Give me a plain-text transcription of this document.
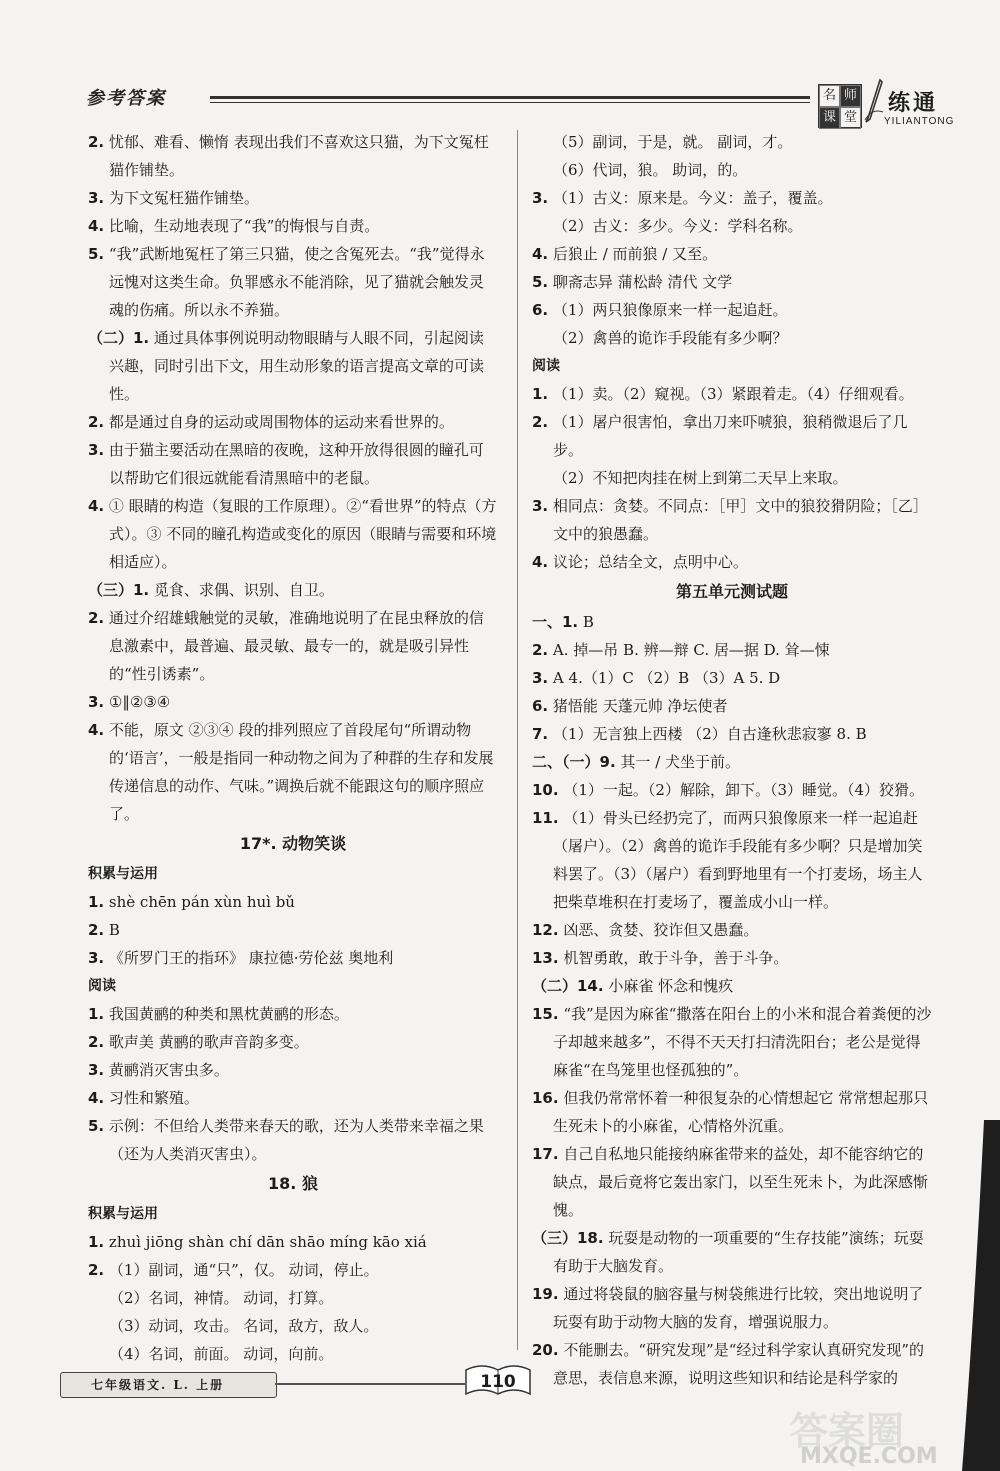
参考答案	名 师
课 堂
练通
YILIANTONG

2. 忧郁、难看、懒惰 表现出我们不喜欢这只猫，为下文冤枉猫作铺垫。

3. 为下文冤枉猫作铺垫。

4. 比喻，生动地表现了“我”的悔恨与自责。

5. “我”武断地冤枉了第三只猫，使之含冤死去。“我”觉得永远愧对这类生命。负罪感永不能消除，见了猫就会触发灵魂的伤痛。所以永不养猫。

（二）1. 通过具体事例说明动物眼睛与人眼不同，引起阅读兴趣，同时引出下文，用生动形象的语言提高文章的可读性。

2. 都是通过自身的运动或周围物体的运动来看世界的。

3. 由于猫主要活动在黑暗的夜晚，这种开放得很圆的瞳孔可以帮助它们很远就能看清黑暗中的老鼠。

4. ① 眼睛的构造（复眼的工作原理）。②“看世界”的特点（方式）。③ 不同的瞳孔构造或变化的原因（眼睛与需要和环境相适应）。

（三）1. 觅食、求偶、识别、自卫。

2. 通过介绍雄蛾触觉的灵敏，准确地说明了在昆虫释放的信息激素中，最普遍、最灵敏、最专一的，就是吸引异性的“性引诱素”。

3. ①‖②③④

4. 不能，原文 ②③④ 段的排列照应了首段尾句“所谓动物的‘语言’，一般是指同一种动物之间为了种群的生存和发展传递信息的动作、气味。”调换后就不能跟这句的顺序照应了。

17*. 动物笑谈

积累与运用

1. shè chēn pán xùn huì bǔ

2. B

3. 《所罗门王的指环》 康拉德·劳伦兹 奥地利

阅读

1. 我国黄鹂的种类和黑枕黄鹂的形态。

2. 歌声美 黄鹂的歌声音韵多变。

3. 黄鹂消灭害虫多。

4. 习性和繁殖。

5. 示例：不但给人类带来春天的歌，还为人类带来幸福之果（还为人类消灭害虫）。

18. 狼

积累与运用

1. zhuì jiōng shàn chí dān shāo míng kāo xiá

2. （1）副词，通“只”，仅。 动词，停止。

（2）名词，神情。 动词，打算。

（3）动词，攻击。 名词，敌方，敌人。

（4）名词，前面。 动词，向前。

（5）副词，于是，就。 副词，才。

（6）代词，狼。 助词，的。

3. （1）古义：原来是。今义：盖子，覆盖。

（2）古义：多少。今义：学科名称。

4. 后狼止 / 而前狼 / 又至。

5. 聊斋志异 蒲松龄 清代 文学

6. （1）两只狼像原来一样一起追赶。

（2）禽兽的诡诈手段能有多少啊？

阅读

1. （1）卖。（2）窥视。（3）紧跟着走。（4）仔细观看。

2. （1）屠户很害怕，拿出刀来吓唬狼，狼稍微退后了几步。

（2）不知把肉挂在树上到第二天早上来取。

3. 相同点：贪婪。不同点：［甲］文中的狼狡猾阴险；［乙］文中的狼愚蠢。

4. 议论；总结全文，点明中心。

第五单元测试题

一、1. B

2. A. 掉—吊 B. 辨—辩 C. 居—据 D. 耸—悚

3. A 4.（1）C （2）B （3）A 5. D

6. 猪悟能 天蓬元帅 净坛使者

7. （1）无言独上西楼 （2）自古逢秋悲寂寥 8. B

二、（一）9. 其一 / 犬坐于前。

10. （1）一起。（2）解除，卸下。（3）睡觉。（4）狡猾。

11. （1）骨头已经扔完了，而两只狼像原来一样一起追赶（屠户）。（2）禽兽的诡诈手段能有多少啊？只是增加笑料罢了。（3）（屠户）看到野地里有一个打麦场，场主人把柴草堆积在打麦场了，覆盖成小山一样。

12. 凶恶、贪婪、狡诈但又愚蠢。

13. 机智勇敢，敢于斗争，善于斗争。

（二）14. 小麻雀 怀念和愧疚

15. “我”是因为麻雀“撒落在阳台上的小米和混合着粪便的沙子却越来越多”，不得不天天打扫清洗阳台；老公是觉得麻雀“在鸟笼里也怪孤独的”。

16. 但我仍常常怀着一种很复杂的心情想起它 常常想起那只生死未卜的小麻雀，心情格外沉重。

17. 自己自私地只能接纳麻雀带来的益处，却不能容纳它的缺点，最后竟将它轰出家门，以至生死未卜，为此深感惭愧。

（三）18. 玩耍是动物的一项重要的“生存技能”演练；玩耍有助于大脑发育。

19. 通过将袋鼠的脑容量与树袋熊进行比较，突出地说明了玩耍有助于动物大脑的发育，增强说服力。

20. 不能删去。“研究发现”是“经过科学家认真研究发现”的意思，表信息来源，说明这些知识和结论是科学家的

七年级语文. L. 上册	110
答案圈
MXQE.COM
